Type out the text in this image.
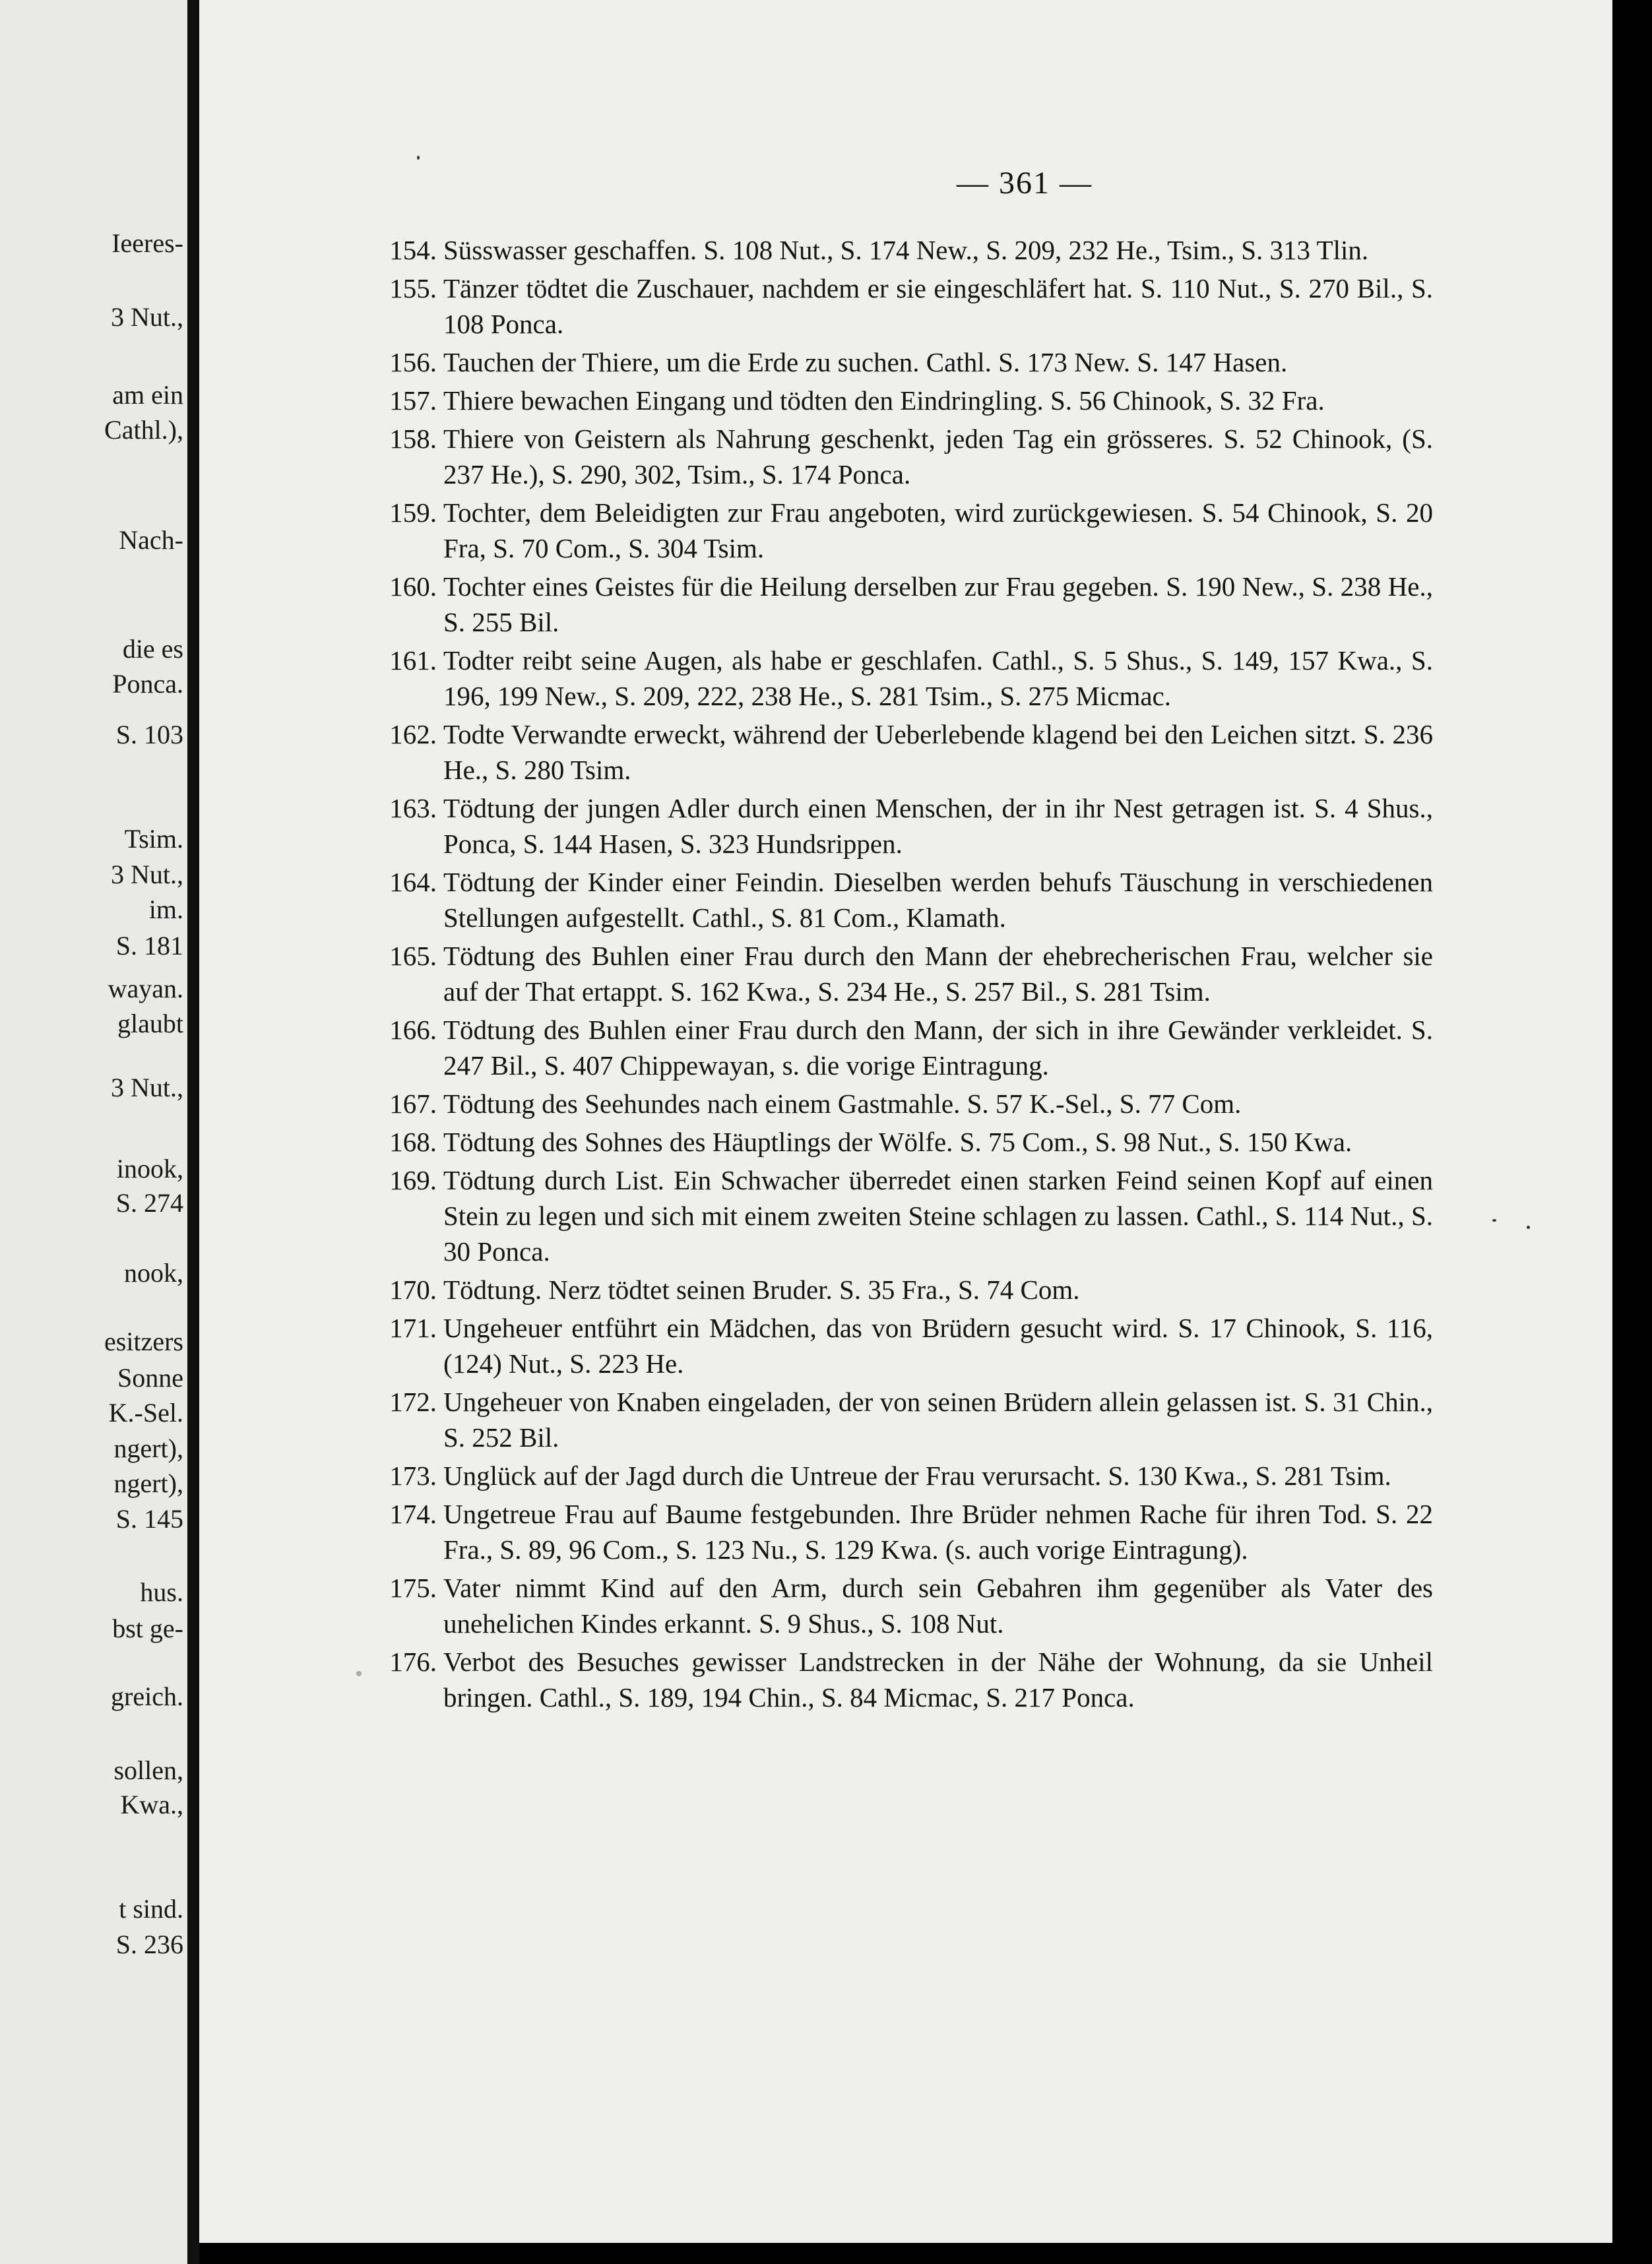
Ieeres-
3 Nut.,
am ein
Cathl.),
Nach-
die es
Ponca.
S. 103
Tsim.
3 Nut.,
im.
S. 181
wayan.
glaubt
3 Nut.,
inook,
S. 274
nook,
esitzers
Sonne
K.-Sel.
ngert),
ngert),
S. 145
hus.
bst ge-
greich.
sollen,
Kwa.,
t sind.
S. 236
— 361 —
154. Süsswasser geschaffen. S. 108 Nut., S. 174 New., S. 209, 232 He., Tsim., S. 313 Tlin.
155. Tänzer tödtet die Zuschauer, nachdem er sie eingeschläfert hat. S. 110 Nut., S. 270 Bil., S. 108 Ponca.
156. Tauchen der Thiere, um die Erde zu suchen. Cathl. S. 173 New. S. 147 Hasen.
157. Thiere bewachen Eingang und tödten den Eindringling. S. 56 Chinook, S. 32 Fra.
158. Thiere von Geistern als Nahrung geschenkt, jeden Tag ein grösseres. S. 52 Chinook, (S. 237 He.), S. 290, 302, Tsim., S. 174 Ponca.
159. Tochter, dem Beleidigten zur Frau angeboten, wird zurückgewiesen. S. 54 Chinook, S. 20 Fra, S. 70 Com., S. 304 Tsim.
160. Tochter eines Geistes für die Heilung derselben zur Frau gegeben. S. 190 New., S. 238 He., S. 255 Bil.
161. Todter reibt seine Augen, als habe er geschlafen. Cathl., S. 5 Shus., S. 149, 157 Kwa., S. 196, 199 New., S. 209, 222, 238 He., S. 281 Tsim., S. 275 Micmac.
162. Todte Verwandte erweckt, während der Ueberlebende klagend bei den Leichen sitzt. S. 236 He., S. 280 Tsim.
163. Tödtung der jungen Adler durch einen Menschen, der in ihr Nest getragen ist. S. 4 Shus., Ponca, S. 144 Hasen, S. 323 Hundsrippen.
164. Tödtung der Kinder einer Feindin. Dieselben werden behufs Täuschung in verschiedenen Stellungen aufgestellt. Cathl., S. 81 Com., Klamath.
165. Tödtung des Buhlen einer Frau durch den Mann der ehebrecherischen Frau, welcher sie auf der That ertappt. S. 162 Kwa., S. 234 He., S. 257 Bil., S. 281 Tsim.
166. Tödtung des Buhlen einer Frau durch den Mann, der sich in ihre Gewänder verkleidet. S. 247 Bil., S. 407 Chippewayan, s. die vorige Eintragung.
167. Tödtung des Seehundes nach einem Gastmahle. S. 57 K.-Sel., S. 77 Com.
168. Tödtung des Sohnes des Häuptlings der Wölfe. S. 75 Com., S. 98 Nut., S. 150 Kwa.
169. Tödtung durch List. Ein Schwacher überredet einen starken Feind seinen Kopf auf einen Stein zu legen und sich mit einem zweiten Steine schlagen zu lassen. Cathl., S. 114 Nut., S. 30 Ponca.
170. Tödtung. Nerz tödtet seinen Bruder. S. 35 Fra., S. 74 Com.
171. Ungeheuer entführt ein Mädchen, das von Brüdern gesucht wird. S. 17 Chinook, S. 116, (124) Nut., S. 223 He.
172. Ungeheuer von Knaben eingeladen, der von seinen Brüdern allein gelassen ist. S. 31 Chin., S. 252 Bil.
173. Unglück auf der Jagd durch die Untreue der Frau verursacht. S. 130 Kwa., S. 281 Tsim.
174. Ungetreue Frau auf Baume festgebunden. Ihre Brüder nehmen Rache für ihren Tod. S. 22 Fra., S. 89, 96 Com., S. 123 Nu., S. 129 Kwa. (s. auch vorige Eintragung).
175. Vater nimmt Kind auf den Arm, durch sein Gebahren ihm gegenüber als Vater des unehelichen Kindes erkannt. S. 9 Shus., S. 108 Nut.
176. Verbot des Besuches gewisser Landstrecken in der Nähe der Wohnung, da sie Unheil bringen. Cathl., S. 189, 194 Chin., S. 84 Micmac, S. 217 Ponca.
